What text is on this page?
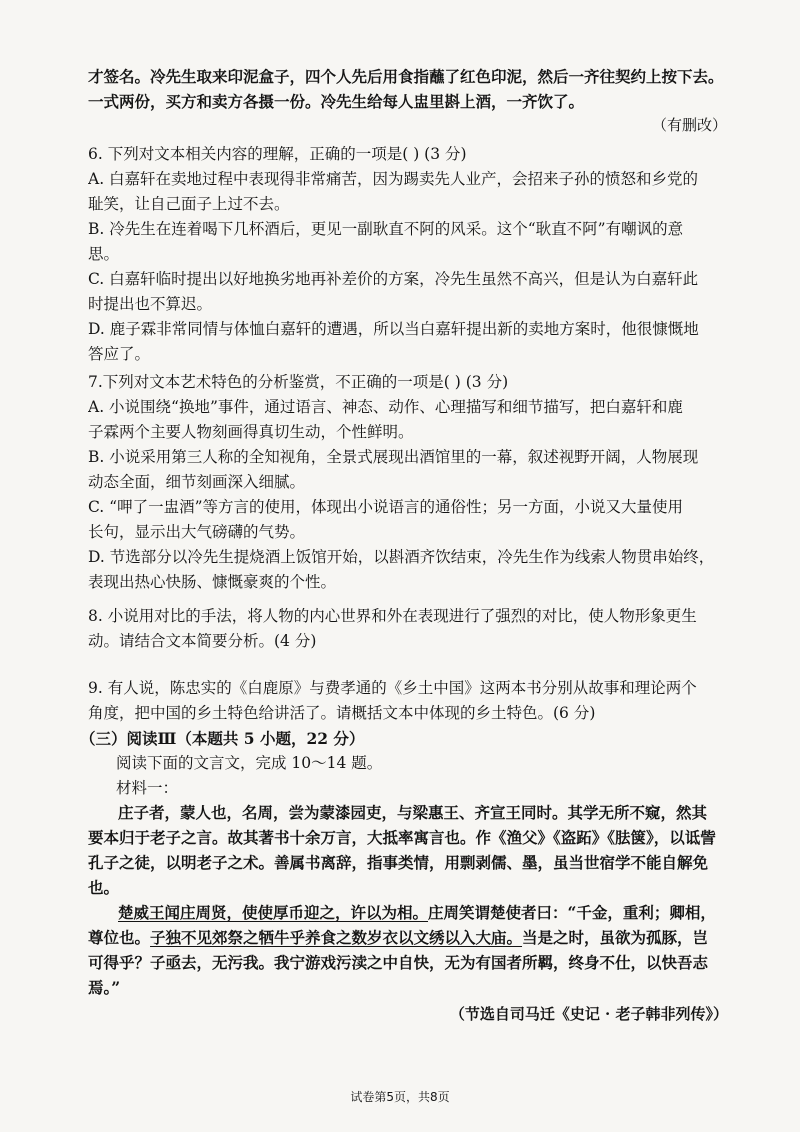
才签名。冷先生取来印泥盒子，四个人先后用食指蘸了红色印泥，然后一齐往契约上按下去。
一式两份，买方和卖方各摄一份。冷先生给每人盅里斟上酒，一齐饮了。
（有删改）
6. 下列对文本相关内容的理解，正确的一项是( ) (3 分)
A. 白嘉轩在卖地过程中表现得非常痛苦，因为踢卖先人业产，会招来子孙的愤怒和乡党的
耻笑，让自己面子上过不去。
B. 冷先生在连着喝下几杯酒后，更见一副耿直不阿的风采。这个“耿直不阿”有嘲讽的意
思。
C. 白嘉轩临时提出以好地换劣地再补差价的方案，冷先生虽然不高兴，但是认为白嘉轩此
时提出也不算迟。
D. 鹿子霖非常同情与体恤白嘉轩的遭遇，所以当白嘉轩提出新的卖地方案时，他很慷慨地
答应了。
7.下列对文本艺术特色的分析鉴赏，不正确的一项是( ) (3 分)
A. 小说围绕“换地”事件，通过语言、神态、动作、心理描写和细节描写，把白嘉轩和鹿
子霖两个主要人物刻画得真切生动，个性鲜明。
B. 小说采用第三人称的全知视角，全景式展现出酒馆里的一幕，叙述视野开阔，人物展现
动态全面，细节刻画深入细腻。
C. “呷了一盅酒”等方言的使用，体现出小说语言的通俗性；另一方面，小说又大量使用
长句，显示出大气磅礴的气势。
D. 节选部分以冷先生提烧酒上饭馆开始，以斟酒齐饮结束，冷先生作为线索人物贯串始终，
表现出热心快肠、慷慨豪爽的个性。
8. 小说用对比的手法，将人物的内心世界和外在表现进行了强烈的对比，使人物形象更生
动。请结合文本简要分析。(4 分)
9. 有人说，陈忠实的《白鹿原》与费孝通的《乡土中国》这两本书分别从故事和理论两个
角度，把中国的乡土特色给讲活了。请概括文本中体现的乡土特色。(6 分)
（三）阅读Ⅲ（本题共 5 小题，22 分）
阅读下面的文言文，完成 10～14 题。
材料一：
庄子者，蒙人也，名周，尝为蒙漆园吏，与梁惠王、齐宣王同时。其学无所不窥，然其
要本归于老子之言。故其著书十余万言，大抵率寓言也。作《渔父》《盗跖》《胠箧》，以诋訾
孔子之徒，以明老子之术。善属书离辞，指事类情，用剽剥儒、墨，虽当世宿学不能自解免
也。
楚威王闻庄周贤，使使厚币迎之，许以为相。庄周笑谓楚使者曰：“千金，重利；卿相，
尊位也。子独不见郊祭之牺牛乎养食之数岁衣以文绣以入大庙。当是之时，虽欲为孤豚，岂
可得乎？子亟去，无污我。我宁游戏污渎之中自快，无为有国者所羁，终身不仕，以快吾志
焉。”
（节选自司马迁《史记 · 老子韩非列传》）
试卷第5页，共8页
